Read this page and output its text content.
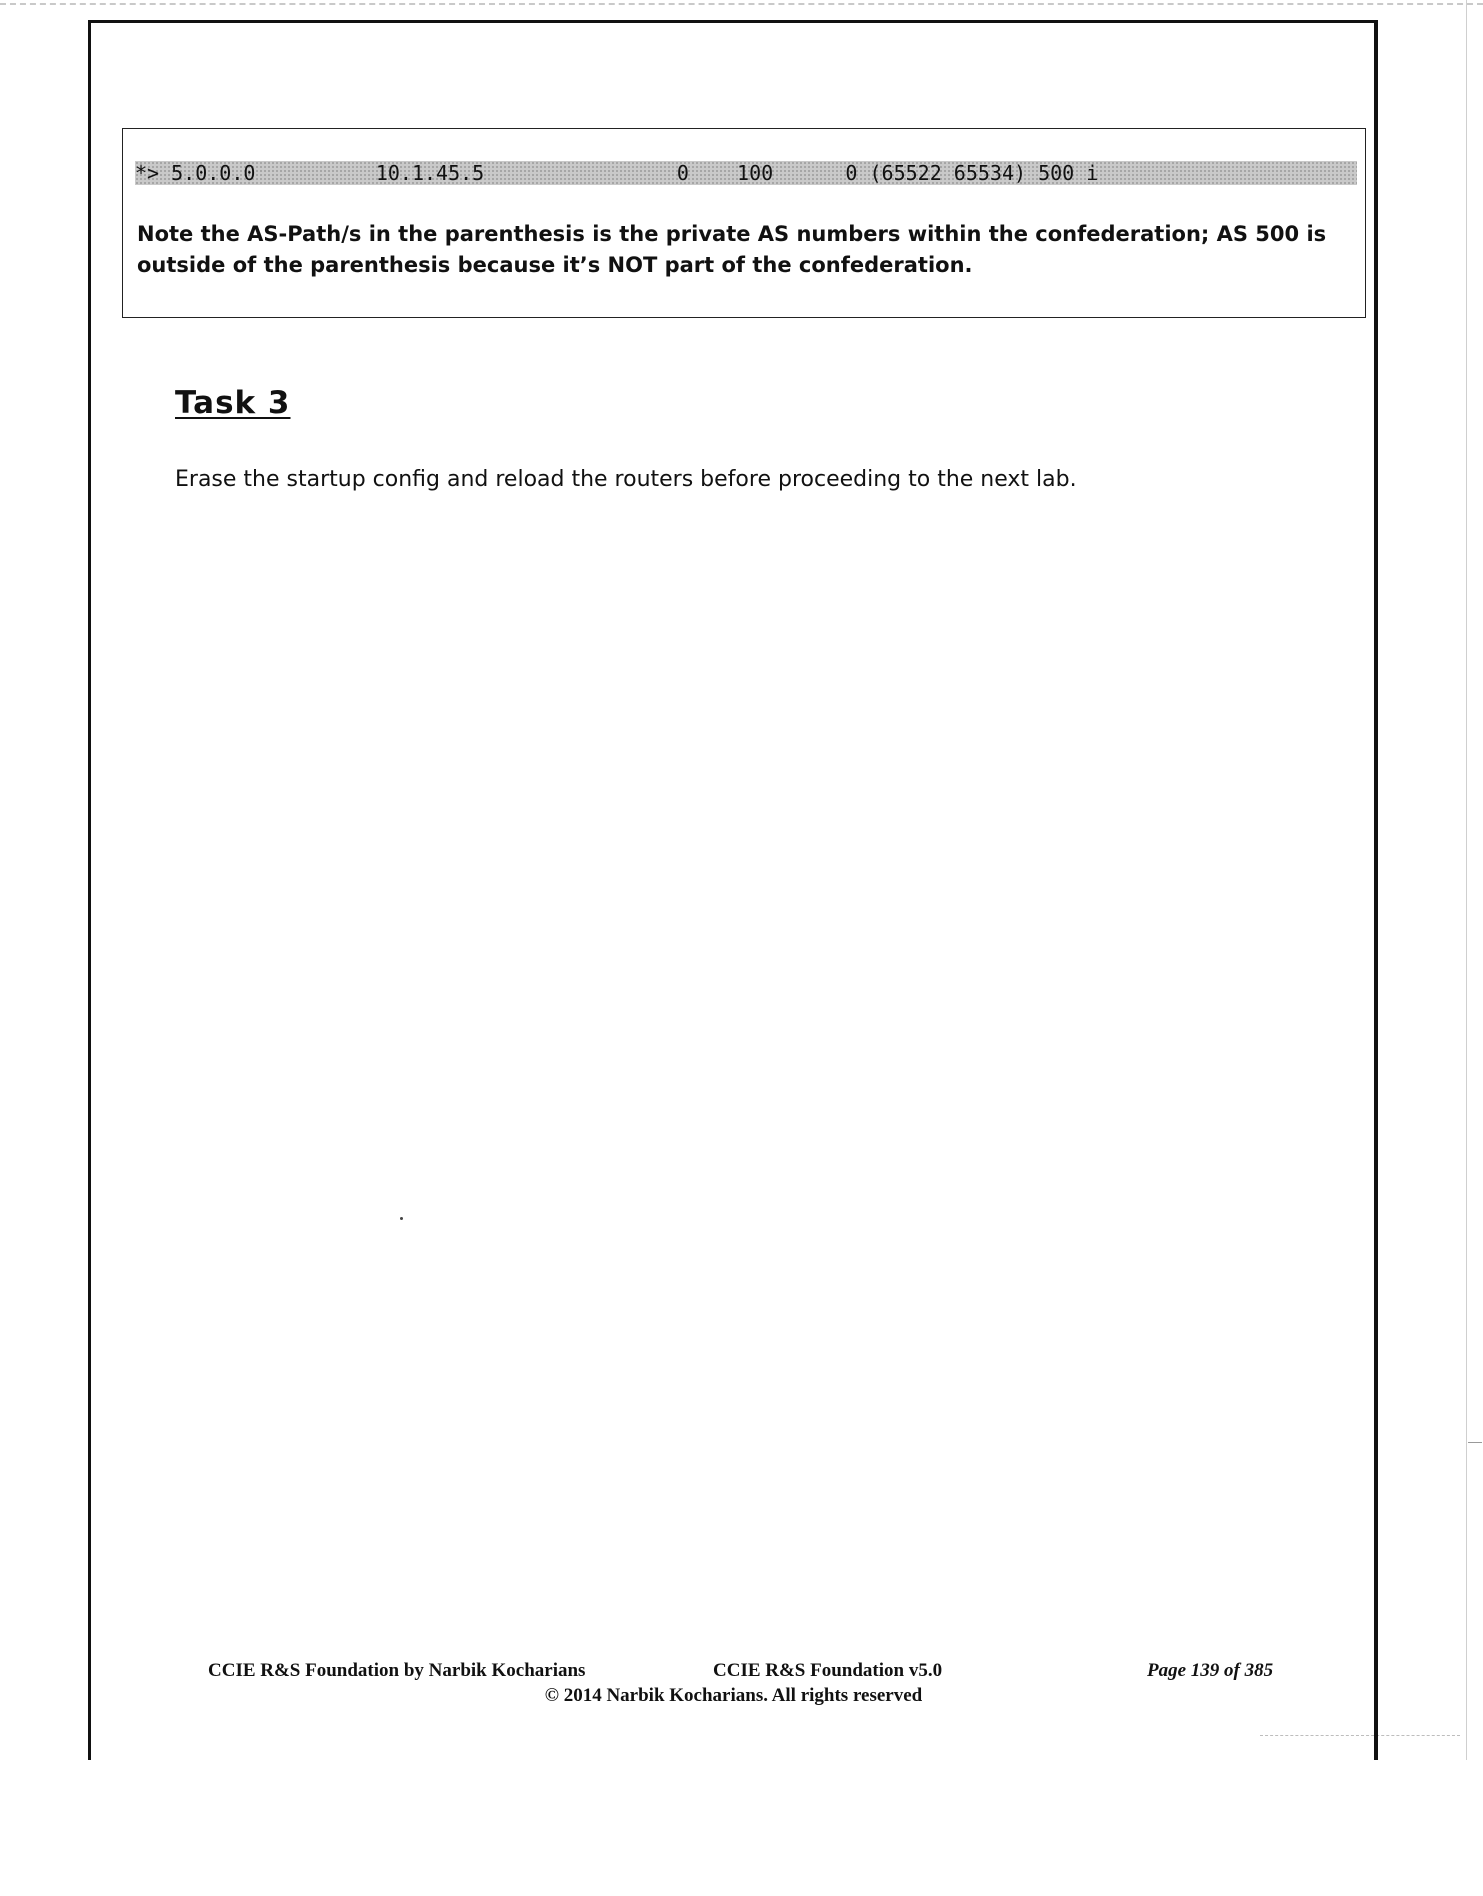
*> 5.0.0.0          10.1.45.5                0    100      0 (65522 65534) 500 i
Note the AS-Path/s in the parenthesis is the private AS numbers within the confederation; AS 500 is outside of the parenthesis because it’s NOT part of the confederation.
Task 3
Erase the startup config and reload the routers before proceeding to the next lab.
CCIE R&S Foundation by Narbik Kocharians	CCIE R&S Foundation v5.0	Page 139 of 385
© 2014 Narbik Kocharians. All rights reserved
